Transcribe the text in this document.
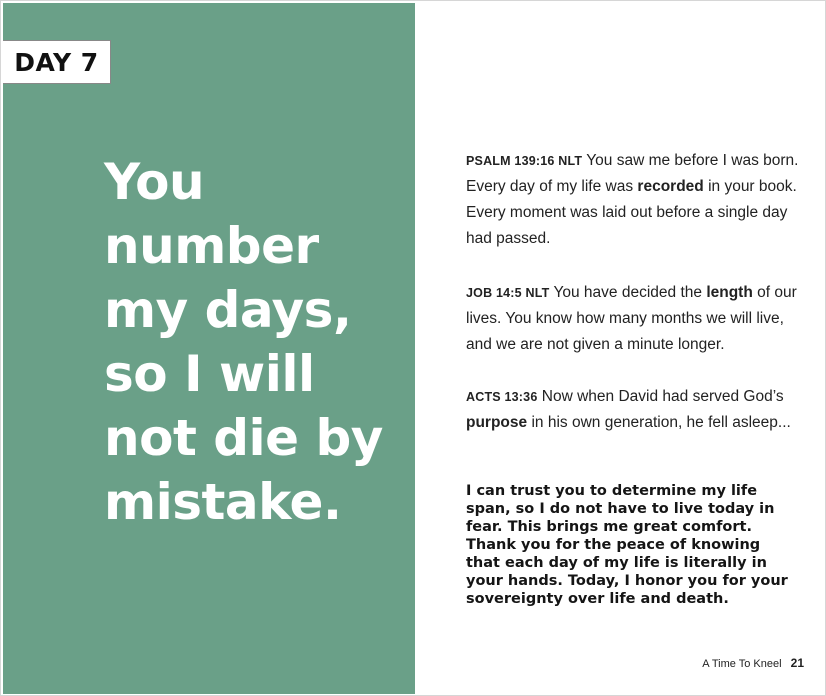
DAY 7
You
number
my days,
so I will
not die by
mistake.

PSALM 139:16 NLT You saw me before I was born. Every day of my life was recorded in your book. Every moment was laid out before a single day had passed.

JOB 14:5 NLT You have decided the length of our lives. You know how many months we will live, and we are not given a minute longer.

ACTS 13:36 Now when David had served God’s purpose in his own generation, he fell asleep...

I can trust you to determine my life span, so I do not have to live today in fear. This brings me great comfort. Thank you for the peace of knowing that each day of my life is literally in your hands. Today, I honor you for your sovereignty over life and death.
A Time To Kneel 21
